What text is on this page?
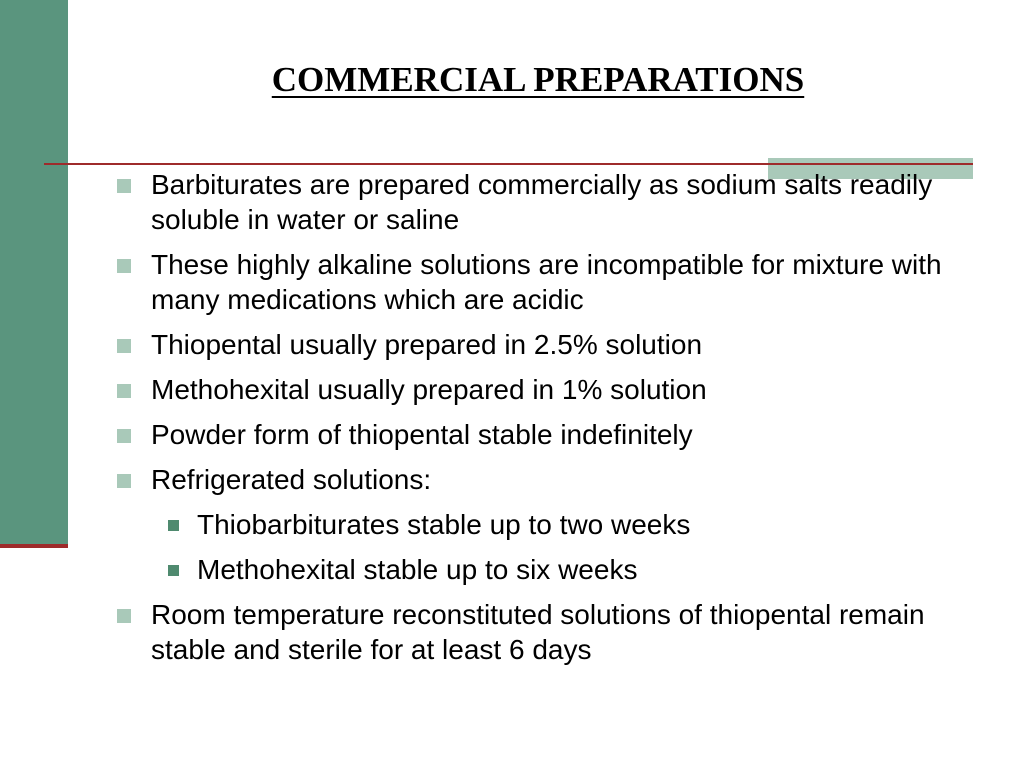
COMMERCIAL PREPARATIONS
Barbiturates are prepared commercially as sodium salts readily soluble in water or saline
These highly alkaline solutions are incompatible for mixture with many medications which are acidic
Thiopental usually prepared in 2.5% solution
Methohexital usually prepared in 1% solution
Powder form of thiopental stable indefinitely
Refrigerated solutions:
Thiobarbiturates stable up to two weeks
Methohexital stable up to six weeks
Room temperature reconstituted solutions of thiopental remain stable and sterile for at least 6 days
